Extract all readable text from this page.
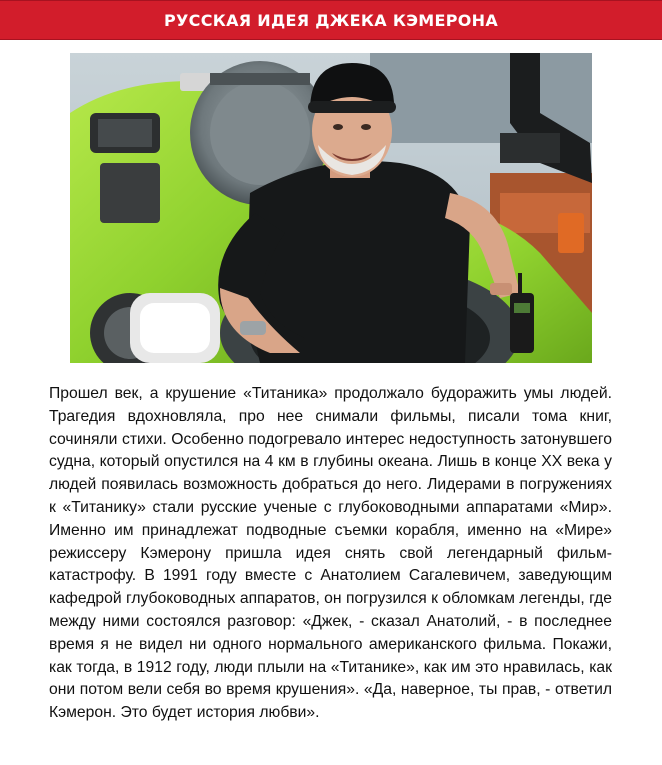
РУССКАЯ ИДЕЯ ДЖЕКА КЭМЕРОНА

Прошел век, а крушение «Титаника» продолжало будоражить умы людей. Трагедия вдохновляла, про нее снимали фильмы, писали тома книг, сочиняли стихи. Особенно подогревало интерес недоступность затонувшего судна, который опустился на 4 км в глубины океана. Лишь в конце XX века у людей появилась возможность добраться до него. Лидерами в погружениях к «Титанику» стали русские ученые с глубоководными аппаратами «Мир». Именно им принадлежат подводные съемки корабля, именно на «Мире» режиссеру Кэмерону пришла идея снять свой легендарный фильм-катастрофу. В 1991 году вместе с Анатолием Сагалевичем, заведующим кафедрой глубоководных аппаратов, он погрузился к обломкам легенды, где между ними состоялся разговор: «Джек, - сказал Анатолий, - в последнее время я не видел ни одного нормального американского фильма. Покажи, как тогда, в 1912 году, люди плыли на «Титанике», как им это нравилась, как они потом вели себя во время крушения». «Да, наверное, ты прав, - ответил Кэмерон. Это будет история любви».
